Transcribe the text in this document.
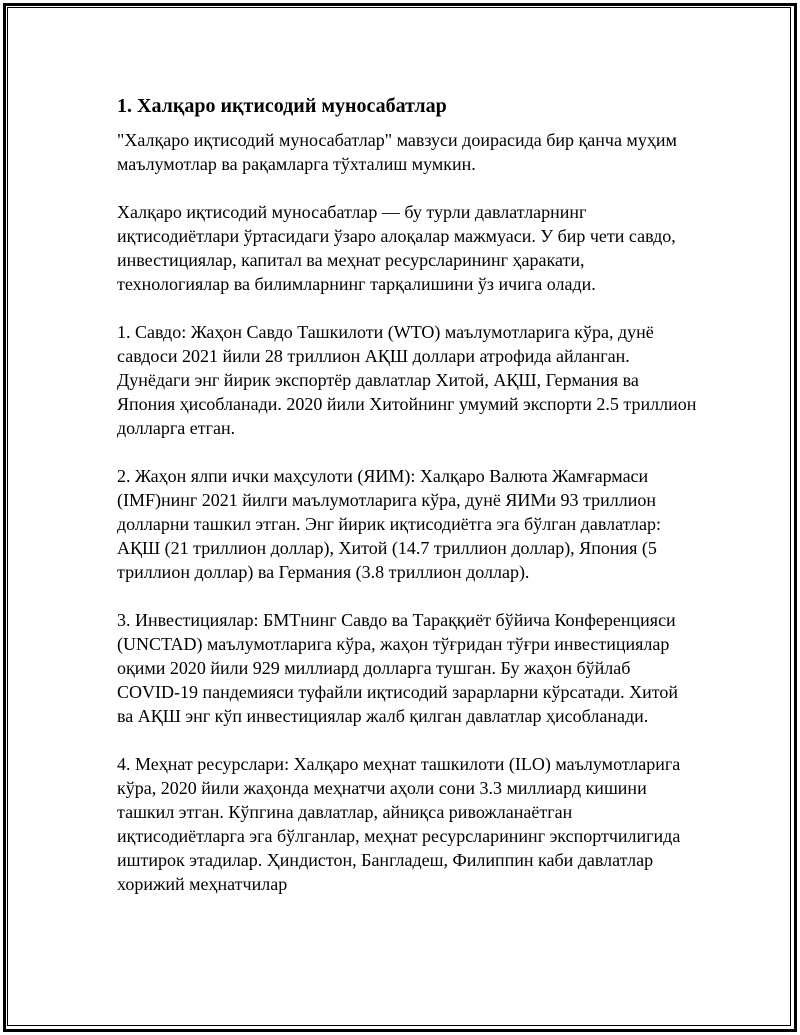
1. Халқаро иқтисодий муносабатлар

"Халқаро иқтисодий муносабатлар" мавзуси доирасида бир қанча муҳим маълумотлар ва рақамларга тўхталиш мумкин.

Халқаро иқтисодий муносабатлар — бу турли давлатларнинг иқтисодиётлари ўртасидаги ўзаро алоқалар мажмуаси. У бир чети савдо, инвестициялар, капитал ва меҳнат ресурсларининг ҳаракати, технологиялар ва билимларнинг тарқалишини ўз ичига олади.

1. Савдо: Жаҳон Савдо Ташкилоти (WTO) маълумотларига кўра, дунё савдоси 2021 йили 28 триллион АҚШ доллари атрофида айланган. Дунёдаги энг йирик экспортёр давлатлар Хитой, АҚШ, Германия ва Япония ҳисобланади. 2020 йили Хитойнинг умумий экспорти 2.5 триллион долларга етган.

2. Жаҳон ялпи ички маҳсулоти (ЯИМ): Халқаро Валюта Жамғармаси (IMF)нинг 2021 йилги маълумотларига кўра, дунё ЯИМи 93 триллион долларни ташкил этган. Энг йирик иқтисодиётга эга бўлган давлатлар: АҚШ (21 триллион доллар), Хитой (14.7 триллион доллар), Япония (5 триллион доллар) ва Германия (3.8 триллион доллар).

3. Инвестициялар: БМТнинг Савдо ва Тараққиёт бўйича Конференцияси (UNCTAD) маълумотларига кўра, жаҳон тўғридан тўғри инвестициялар оқими 2020 йили 929 миллиард долларга тушган. Бу жаҳон бўйлаб COVID-19 пандемияси туфайли иқтисодий зарарларни кўрсатади. Хитой ва АҚШ энг кўп инвестициялар жалб қилган давлатлар ҳисобланади.

4. Меҳнат ресурслари: Халқаро меҳнат ташкилоти (ILO) маълумотларига кўра, 2020 йили жаҳонда меҳнатчи аҳоли сони 3.3 миллиард кишини ташкил этган. Кўпгина давлатлар, айниқса ривожланаётган иқтисодиётларга эга бўлганлар, меҳнат ресурсларининг экспортчилигида иштирок этадилар. Ҳиндистон, Бангладеш, Филиппин каби давлатлар хорижий меҳнатчилар
